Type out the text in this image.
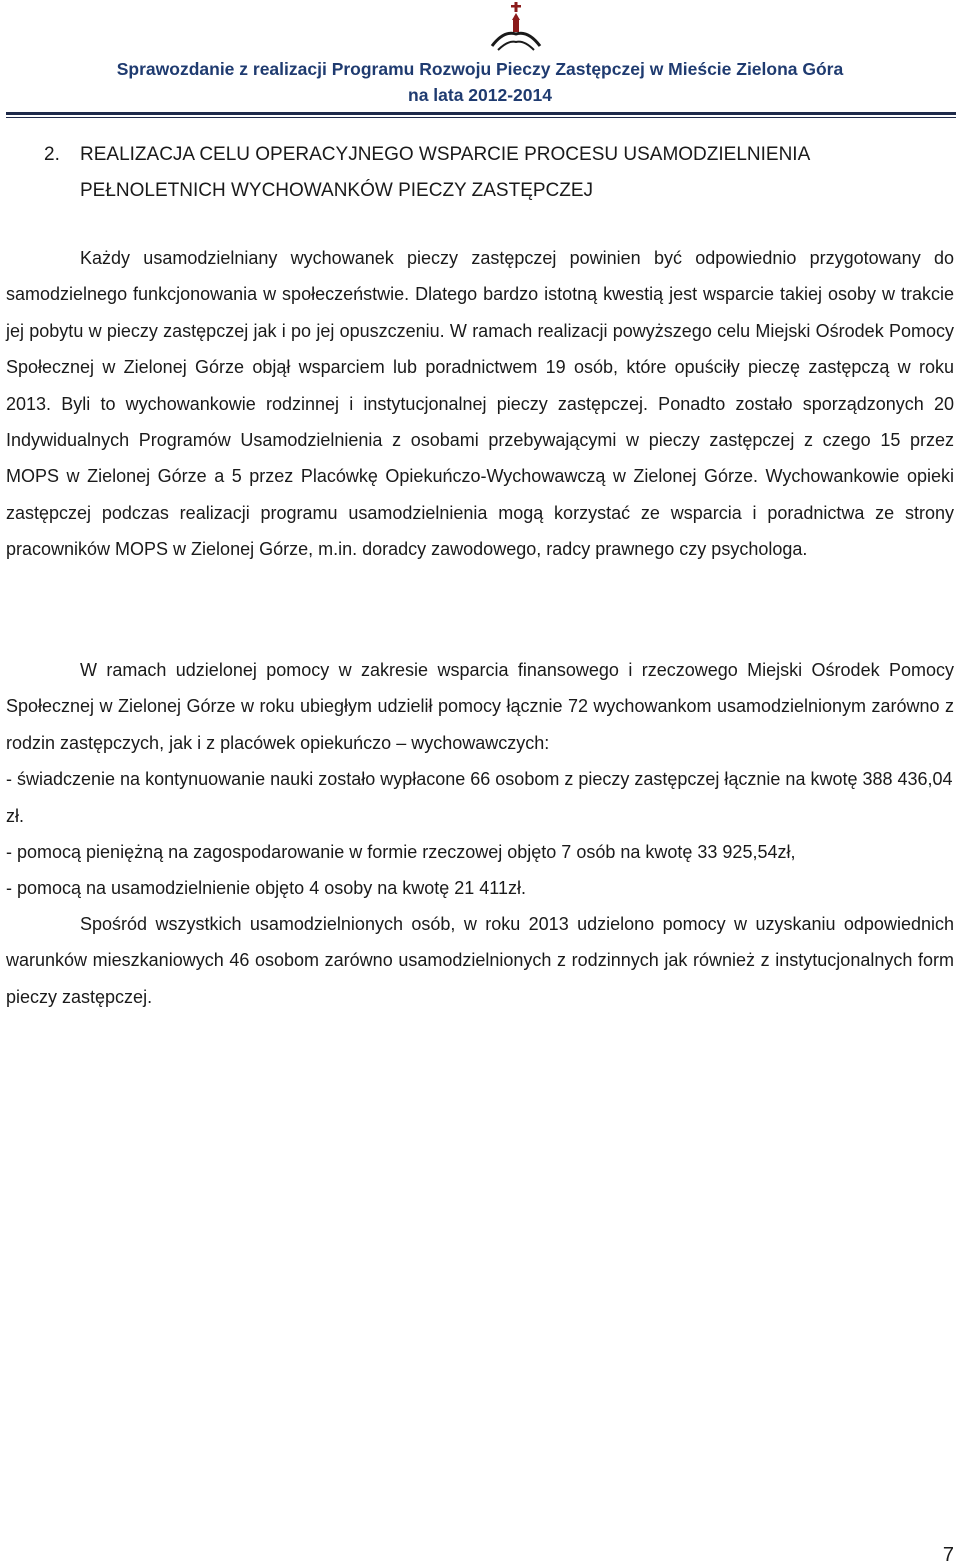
Sprawozdanie z realizacji Programu Rozwoju Pieczy Zastępczej w Mieście Zielona Góra
na lata 2012-2014
2. REALIZACJA CELU OPERACYJNEGO WSPARCIE PROCESU USAMODZIELNIENIA
PEŁNOLETNICH WYCHOWANKÓW PIECZY ZASTĘPCZEJ
Każdy usamodzielniany wychowanek pieczy zastępczej powinien być odpowiednio przygotowany do samodzielnego funkcjonowania w społeczeństwie. Dlatego bardzo istotną kwestią jest wsparcie takiej osoby w trakcie jej pobytu w pieczy zastępczej jak i po jej opuszczeniu. W ramach realizacji powyższego celu Miejski Ośrodek Pomocy Społecznej w Zielonej Górze objął wsparciem lub poradnictwem 19 osób, które opuściły pieczę zastępczą w roku 2013. Byli to wychowankowie rodzinnej i instytucjonalnej pieczy zastępczej. Ponadto zostało sporządzonych 20 Indywidualnych Programów Usamodzielnienia z osobami przebywającymi w pieczy zastępczej z czego 15 przez MOPS w Zielonej Górze a 5 przez Placówkę Opiekuńczo-Wychowawczą w Zielonej Górze. Wychowankowie opieki zastępczej podczas realizacji programu usamodzielnienia mogą korzystać ze wsparcia i poradnictwa ze strony pracowników MOPS w Zielonej Górze, m.in. doradcy zawodowego, radcy prawnego czy psychologa.
W ramach udzielonej pomocy w zakresie wsparcia finansowego i rzeczowego Miejski Ośrodek Pomocy Społecznej w Zielonej Górze w roku ubiegłym udzielił pomocy łącznie 72 wychowankom usamodzielnionym zarówno z rodzin zastępczych, jak i z placówek opiekuńczo – wychowawczych:
- świadczenie na kontynuowanie nauki zostało wypłacone 66 osobom z pieczy zastępczej łącznie na kwotę 388 436,04 zł.
- pomocą pieniężną na zagospodarowanie w formie rzeczowej objęto 7 osób na kwotę 33 925,54zł,
- pomocą na usamodzielnienie objęto 4 osoby na kwotę 21 411zł.
Spośród wszystkich usamodzielnionych osób, w roku 2013 udzielono pomocy w uzyskaniu odpowiednich warunków mieszkaniowych 46 osobom zarówno usamodzielnionych z rodzinnych jak również z instytucjonalnych form pieczy zastępczej.
7
